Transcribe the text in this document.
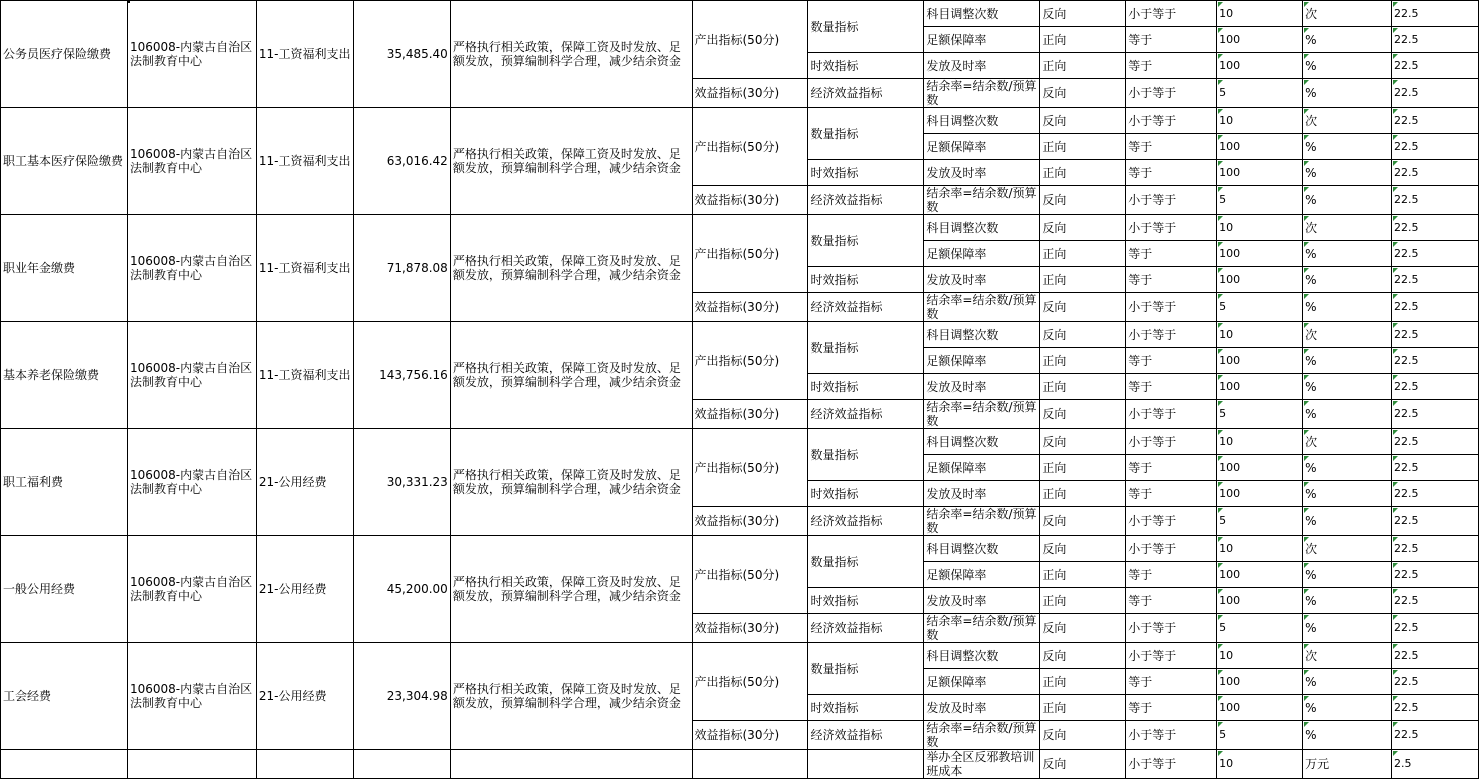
公务员医疗保险缴费	106008-内蒙古自治区法制教育中心	11-工资福利支出	35,485.40	严格执行相关政策，保障工资及时发放、足额发放，预算编制科学合理，减少结余资金	产出指标(50分)	数量指标	科目调整次数	反向	小于等于	10	次	22.5
							足额保障率	正向	等于	100	%	22.5
						时效指标	发放及时率	正向	等于	100	%	22.5
					效益指标(30分)	经济效益指标	结余率=结余数/预算数	反向	小于等于	5	%	22.5
职工基本医疗保险缴费	106008-内蒙古自治区法制教育中心	11-工资福利支出	63,016.42	严格执行相关政策，保障工资及时发放、足额发放，预算编制科学合理，减少结余资金	产出指标(50分)	数量指标	科目调整次数	反向	小于等于	10	次	22.5
							足额保障率	正向	等于	100	%	22.5
						时效指标	发放及时率	正向	等于	100	%	22.5
					效益指标(30分)	经济效益指标	结余率=结余数/预算数	反向	小于等于	5	%	22.5
职业年金缴费	106008-内蒙古自治区法制教育中心	11-工资福利支出	71,878.08	严格执行相关政策，保障工资及时发放、足额发放，预算编制科学合理，减少结余资金	产出指标(50分)	数量指标	科目调整次数	反向	小于等于	10	次	22.5
							足额保障率	正向	等于	100	%	22.5
						时效指标	发放及时率	正向	等于	100	%	22.5
					效益指标(30分)	经济效益指标	结余率=结余数/预算数	反向	小于等于	5	%	22.5
基本养老保险缴费	106008-内蒙古自治区法制教育中心	11-工资福利支出	143,756.16	严格执行相关政策，保障工资及时发放、足额发放，预算编制科学合理，减少结余资金	产出指标(50分)	数量指标	科目调整次数	反向	小于等于	10	次	22.5
							足额保障率	正向	等于	100	%	22.5
						时效指标	发放及时率	正向	等于	100	%	22.5
					效益指标(30分)	经济效益指标	结余率=结余数/预算数	反向	小于等于	5	%	22.5
职工福利费	106008-内蒙古自治区法制教育中心	21-公用经费	30,331.23	严格执行相关政策，保障工资及时发放、足额发放，预算编制科学合理，减少结余资金	产出指标(50分)	数量指标	科目调整次数	反向	小于等于	10	次	22.5
							足额保障率	正向	等于	100	%	22.5
						时效指标	发放及时率	正向	等于	100	%	22.5
					效益指标(30分)	经济效益指标	结余率=结余数/预算数	反向	小于等于	5	%	22.5
一般公用经费	106008-内蒙古自治区法制教育中心	21-公用经费	45,200.00	严格执行相关政策，保障工资及时发放、足额发放，预算编制科学合理，减少结余资金	产出指标(50分)	数量指标	科目调整次数	反向	小于等于	10	次	22.5
							足额保障率	正向	等于	100	%	22.5
						时效指标	发放及时率	正向	等于	100	%	22.5
					效益指标(30分)	经济效益指标	结余率=结余数/预算数	反向	小于等于	5	%	22.5
工会经费	106008-内蒙古自治区法制教育中心	21-公用经费	23,304.98	严格执行相关政策，保障工资及时发放、足额发放，预算编制科学合理，减少结余资金	产出指标(50分)	数量指标	科目调整次数	反向	小于等于	10	次	22.5
							足额保障率	正向	等于	100	%	22.5
						时效指标	发放及时率	正向	等于	100	%	22.5
					效益指标(30分)	经济效益指标	结余率=结余数/预算数	反向	小于等于	5	%	22.5
							举办全区反邪教培训班成本	反向	小于等于	10	万元	2.5
